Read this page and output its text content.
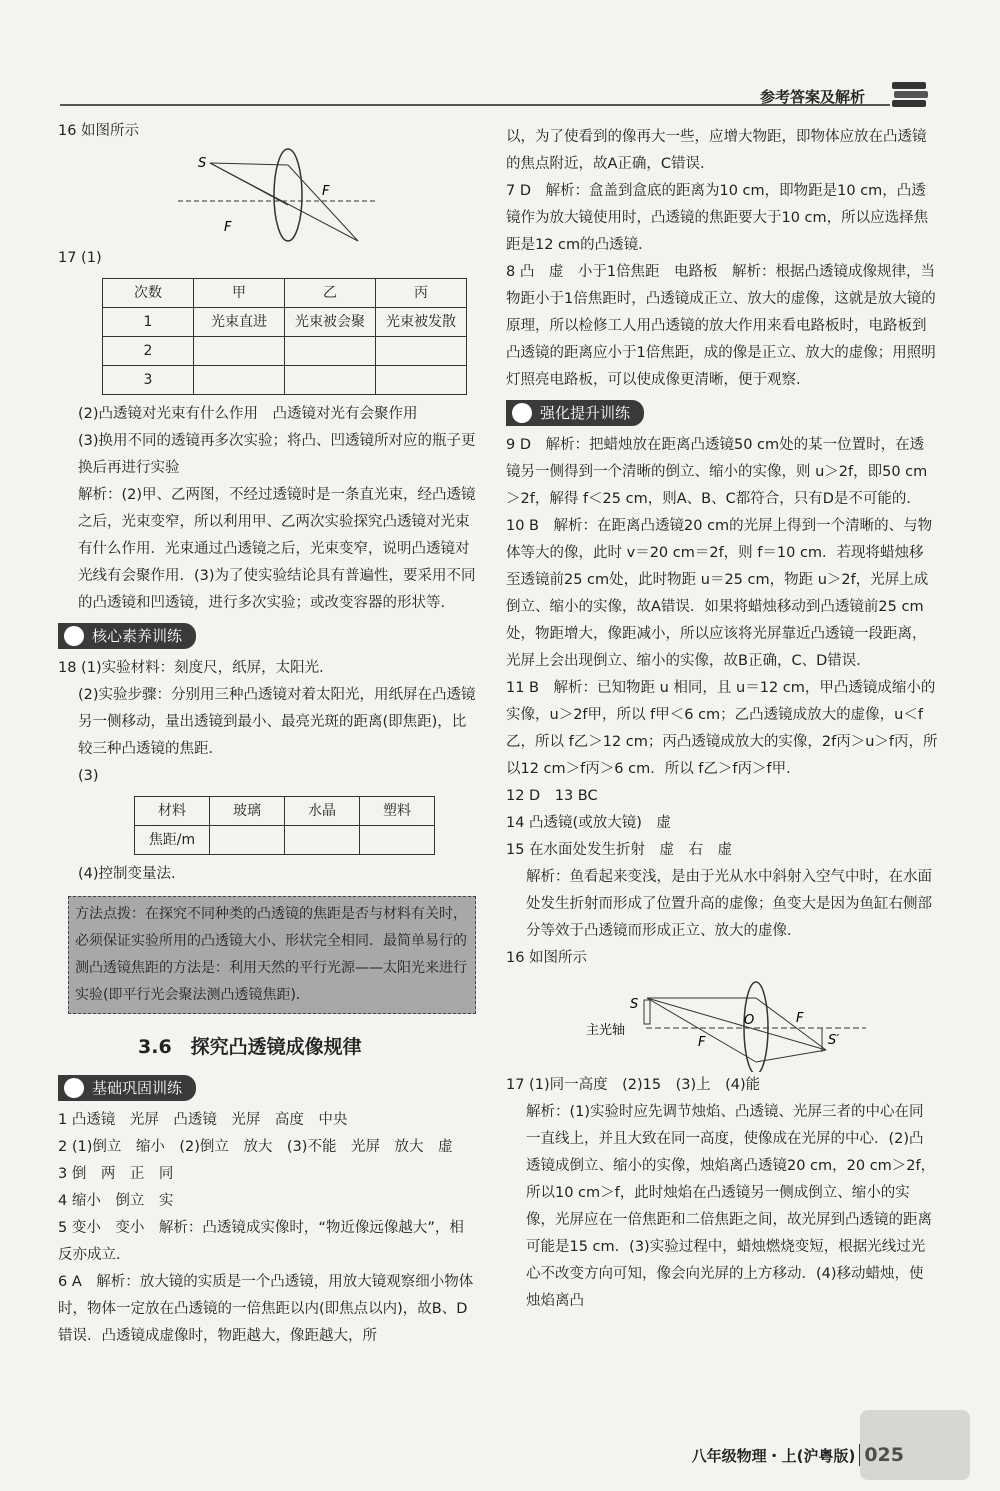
参考答案及解析

16 如图所示

S
F
F

17 (1)

次数	甲	乙	丙
1	光束直进	光束被会聚	光束被发散
2			
3			

(2)凸透镜对光束有什么作用　凸透镜对光有会聚作用

(3)换用不同的透镜再多次实验；将凸、凹透镜所对应的瓶子更换后再进行实验

解析：(2)甲、乙两图，不经过透镜时是一条直光束，经凸透镜之后，光束变窄，所以利用甲、乙两次实验探究凸透镜对光束有什么作用．光束通过凸透镜之后，光束变窄，说明凸透镜对光线有会聚作用．(3)为了使实验结论具有普遍性，要采用不同的凸透镜和凹透镜，进行多次实验；或改变容器的形状等．

核心素养训练

18 (1)实验材料：刻度尺，纸屏，太阳光．

(2)实验步骤：分别用三种凸透镜对着太阳光，用纸屏在凸透镜另一侧移动，量出透镜到最小、最亮光斑的距离(即焦距)，比较三种凸透镜的焦距．

(3)

材料	玻璃	水晶	塑料
焦距/m			

(4)控制变量法．

方法点拨：在探究不同种类的凸透镜的焦距是否与材料有关时，必须保证实验所用的凸透镜大小、形状完全相同．最简单易行的测凸透镜焦距的方法是：利用天然的平行光源——太阳光来进行实验(即平行光会聚法测凸透镜焦距)．
3.6　探究凸透镜成像规律
基础巩固训练

1 凸透镜　光屏　凸透镜　光屏　高度　中央

2 (1)倒立　缩小　(2)倒立　放大　(3)不能　光屏　放大　虚

3 倒　两　正　同

4 缩小　倒立　实

5 变小　变小　解析：凸透镜成实像时，“物近像远像越大”，相反亦成立．

6 A　解析：放大镜的实质是一个凸透镜，用放大镜观察细小物体时，物体一定放在凸透镜的一倍焦距以内(即焦点以内)，故B、D错误．凸透镜成虚像时，物距越大，像距越大，所

以，为了使看到的像再大一些，应增大物距，即物体应放在凸透镜的焦点附近，故A正确，C错误．

7 D　解析：盒盖到盒底的距离为10 cm，即物距是10 cm，凸透镜作为放大镜使用时，凸透镜的焦距要大于10 cm，所以应选择焦距是12 cm的凸透镜．

8 凸　虚　小于1倍焦距　电路板　解析：根据凸透镜成像规律，当物距小于1倍焦距时，凸透镜成正立、放大的虚像，这就是放大镜的原理，所以检修工人用凸透镜的放大作用来看电路板时，电路板到凸透镜的距离应小于1倍焦距，成的像是正立、放大的虚像；用照明灯照亮电路板，可以使成像更清晰，便于观察．

强化提升训练

9 D　解析：把蜡烛放在距离凸透镜50 cm处的某一位置时，在透镜另一侧得到一个清晰的倒立、缩小的实像，则 u＞2f，即50 cm＞2f，解得 f＜25 cm，则A、B、C都符合，只有D是不可能的．

10 B　解析：在距离凸透镜20 cm的光屏上得到一个清晰的、与物体等大的像，此时 v＝20 cm＝2f，则 f＝10 cm．若现将蜡烛移至透镜前25 cm处，此时物距 u＝25 cm，物距 u＞2f，光屏上成倒立、缩小的实像，故A错误．如果将蜡烛移动到凸透镜前25 cm处，物距增大，像距减小，所以应该将光屏靠近凸透镜一段距离，光屏上会出现倒立、缩小的实像，故B正确，C、D错误．

11 B　解析：已知物距 u 相同，且 u＝12 cm，甲凸透镜成缩小的实像，u＞2f甲，所以 f甲＜6 cm；乙凸透镜成放大的虚像，u＜f乙，所以 f乙＞12 cm；丙凸透镜成放大的实像，2f丙＞u＞f丙，所以12 cm＞f丙＞6 cm．所以 f乙＞f丙＞f甲．

12 D　13 BC

14 凸透镜(或放大镜)　虚

15 在水面处发生折射　虚　右　虚

解析：鱼看起来变浅，是由于光从水中斜射入空气中时，在水面处发生折射而形成了位置升高的虚像；鱼变大是因为鱼缸右侧部分等效于凸透镜而形成正立、放大的虚像．

16 如图所示

S
主光轴
O	F
F	S′

17 (1)同一高度　(2)15　(3)上　(4)能

解析：(1)实验时应先调节烛焰、凸透镜、光屏三者的中心在同一直线上，并且大致在同一高度，使像成在光屏的中心．(2)凸透镜成倒立、缩小的实像，烛焰离凸透镜20 cm，20 cm＞2f，所以10 cm＞f，此时烛焰在凸透镜另一侧成倒立、缩小的实像，光屏应在一倍焦距和二倍焦距之间，故光屏到凸透镜的距离可能是15 cm．(3)实验过程中，蜡烛燃烧变短，根据光线过光心不改变方向可知，像会向光屏的上方移动．(4)移动蜡烛，使烛焰离凸

八年级物理・上(沪粤版) 025
